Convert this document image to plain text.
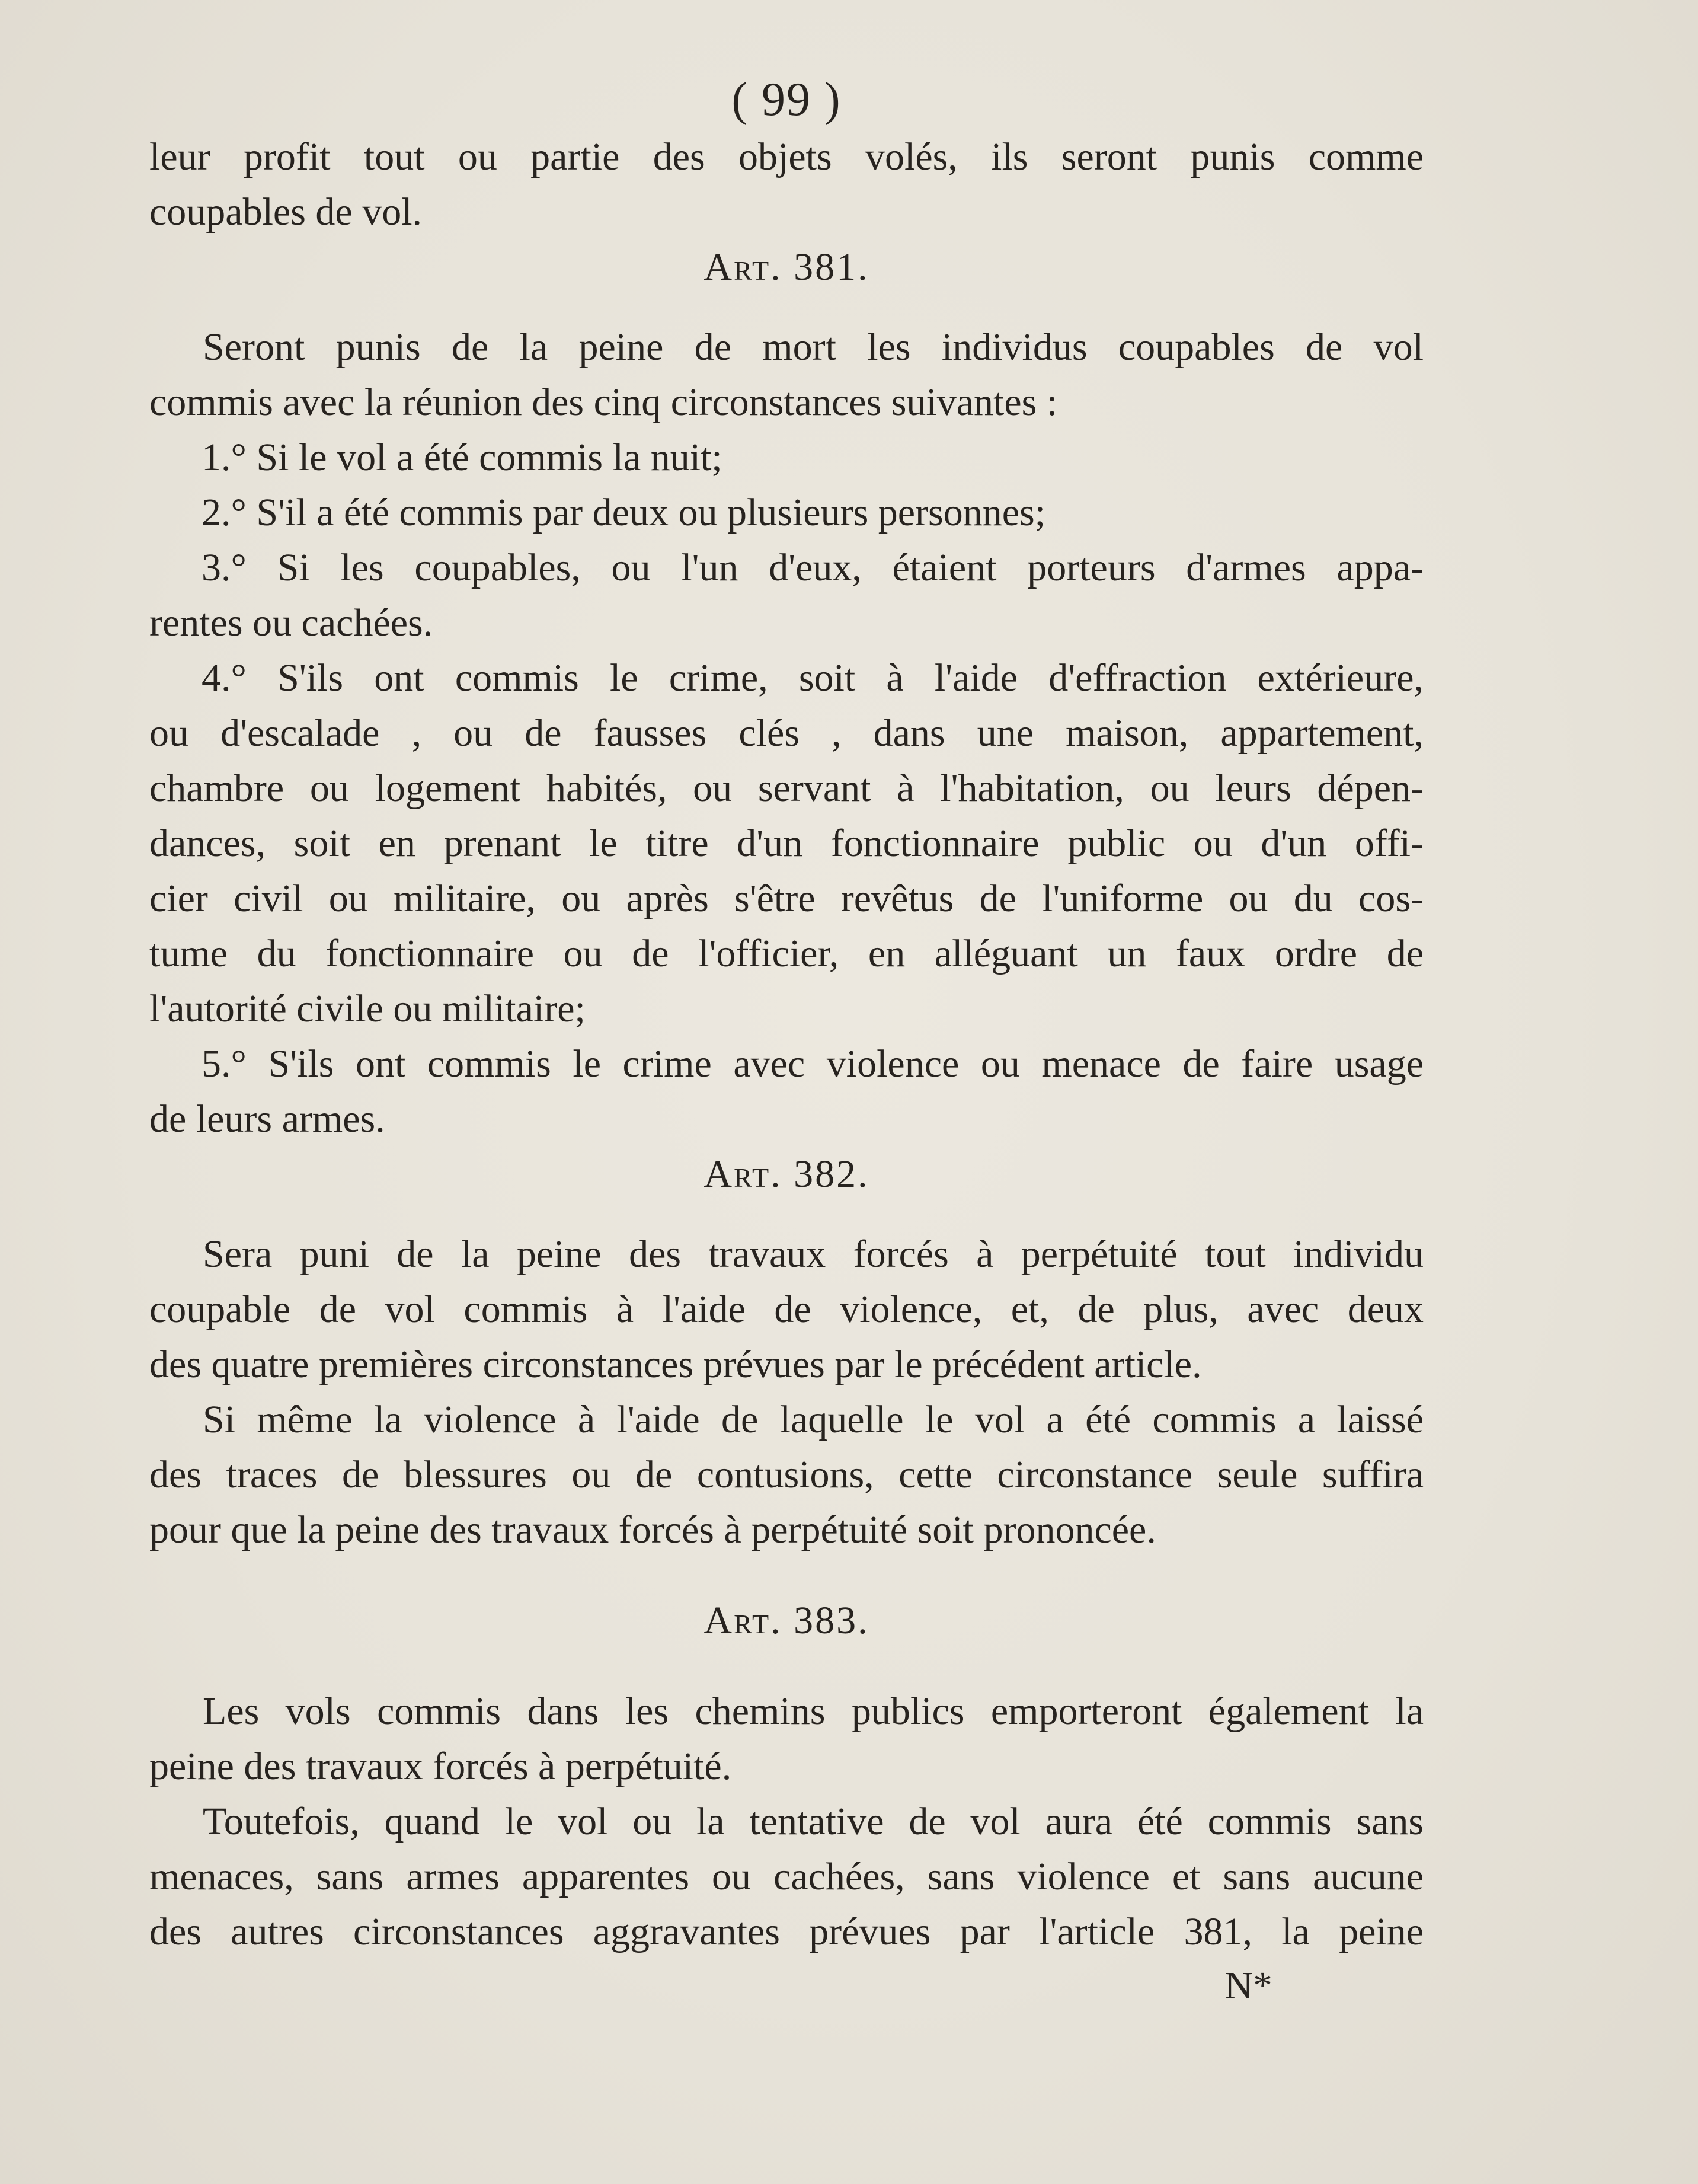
( 99 )

leur profit tout ou partie des objets volés, ils seront punis comme

coupables de vol.

Art. 381.

Seront punis de la peine de mort les individus coupables de vol

commis avec la réunion des cinq circonstances suivantes :

1.° Si le vol a été commis la nuit;

2.° S'il a été commis par deux ou plusieurs personnes;

3.° Si les coupables, ou l'un d'eux, étaient porteurs d'armes appa-

rentes ou cachées.

4.° S'ils ont commis le crime, soit à l'aide d'effraction extérieure,

ou d'escalade , ou de fausses clés , dans une maison, appartement,

chambre ou logement habités, ou servant à l'habitation, ou leurs dépen-

dances, soit en prenant le titre d'un fonctionnaire public ou d'un offi-

cier civil ou militaire, ou après s'être revêtus de l'uniforme ou du cos-

tume du fonctionnaire ou de l'officier, en alléguant un faux ordre de

l'autorité civile ou militaire;

5.° S'ils ont commis le crime avec violence ou menace de faire usage

de leurs armes.

Art. 382.

Sera puni de la peine des travaux forcés à perpétuité tout individu

coupable de vol commis à l'aide de violence, et, de plus, avec deux

des quatre premières circonstances prévues par le précédent article.

Si même la violence à l'aide de laquelle le vol a été commis a laissé

des traces de blessures ou de contusions, cette circonstance seule suffira

pour que la peine des travaux forcés à perpétuité soit prononcée.

Art. 383.

Les vols commis dans les chemins publics emporteront également la

peine des travaux forcés à perpétuité.

Toutefois, quand le vol ou la tentative de vol aura été commis sans

menaces, sans armes apparentes ou cachées, sans violence et sans aucune

des autres circonstances aggravantes prévues par l'article 381, la peine

N*
